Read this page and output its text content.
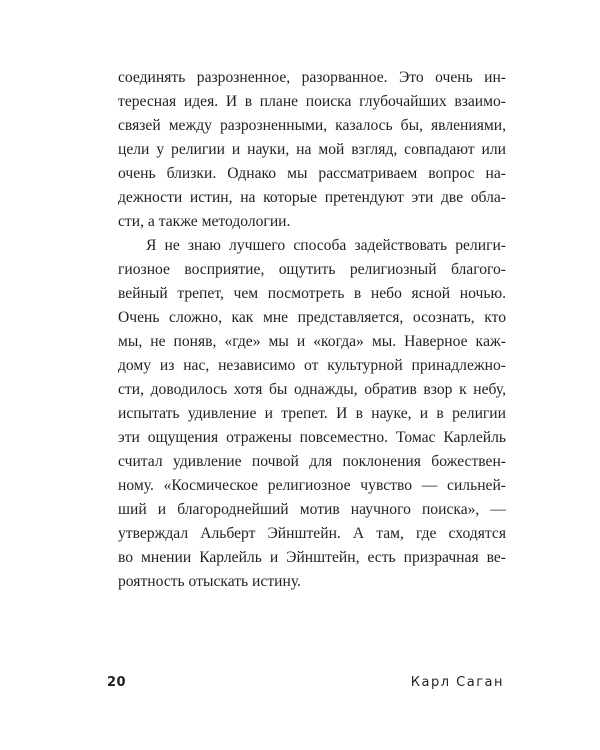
соединять разрозненное, разорванное. Это очень ин-
тересная идея. И в плане поиска глубочайших взаимо-
связей между разрозненными, казалось бы, явлениями,
цели у религии и науки, на мой взгляд, совпадают или
очень близки. Однако мы рассматриваем вопрос на-
дежности истин, на которые претендуют эти две обла-
сти, а также методологии.
Я не знаю лучшего способа задействовать религи-
гиозное восприятие, ощутить религиозный благого-
вейный трепет, чем посмотреть в небо ясной ночью.
Очень сложно, как мне представляется, осознать, кто
мы, не поняв, «где» мы и «когда» мы. Наверное кaж-
дому из нас, независимо от культурной принадлежно-
сти, доводилось хотя бы однажды, обратив взор к небу,
испытать удивление и трепет. И в науке, и в религии
эти ощущения отражены повсеместно. Томас Карлейль
считал удивление почвой для поклонения божествен-
ному. «Космическое религиозное чувство — сильней-
ший и благороднейший мотив научного поиска», —
утверждал Альберт Эйнштейн. А там, где сходятся
во мнении Карлейль и Эйнштейн, есть призрачная ве-
роятность отыскать истину.
20	Карл Саган
